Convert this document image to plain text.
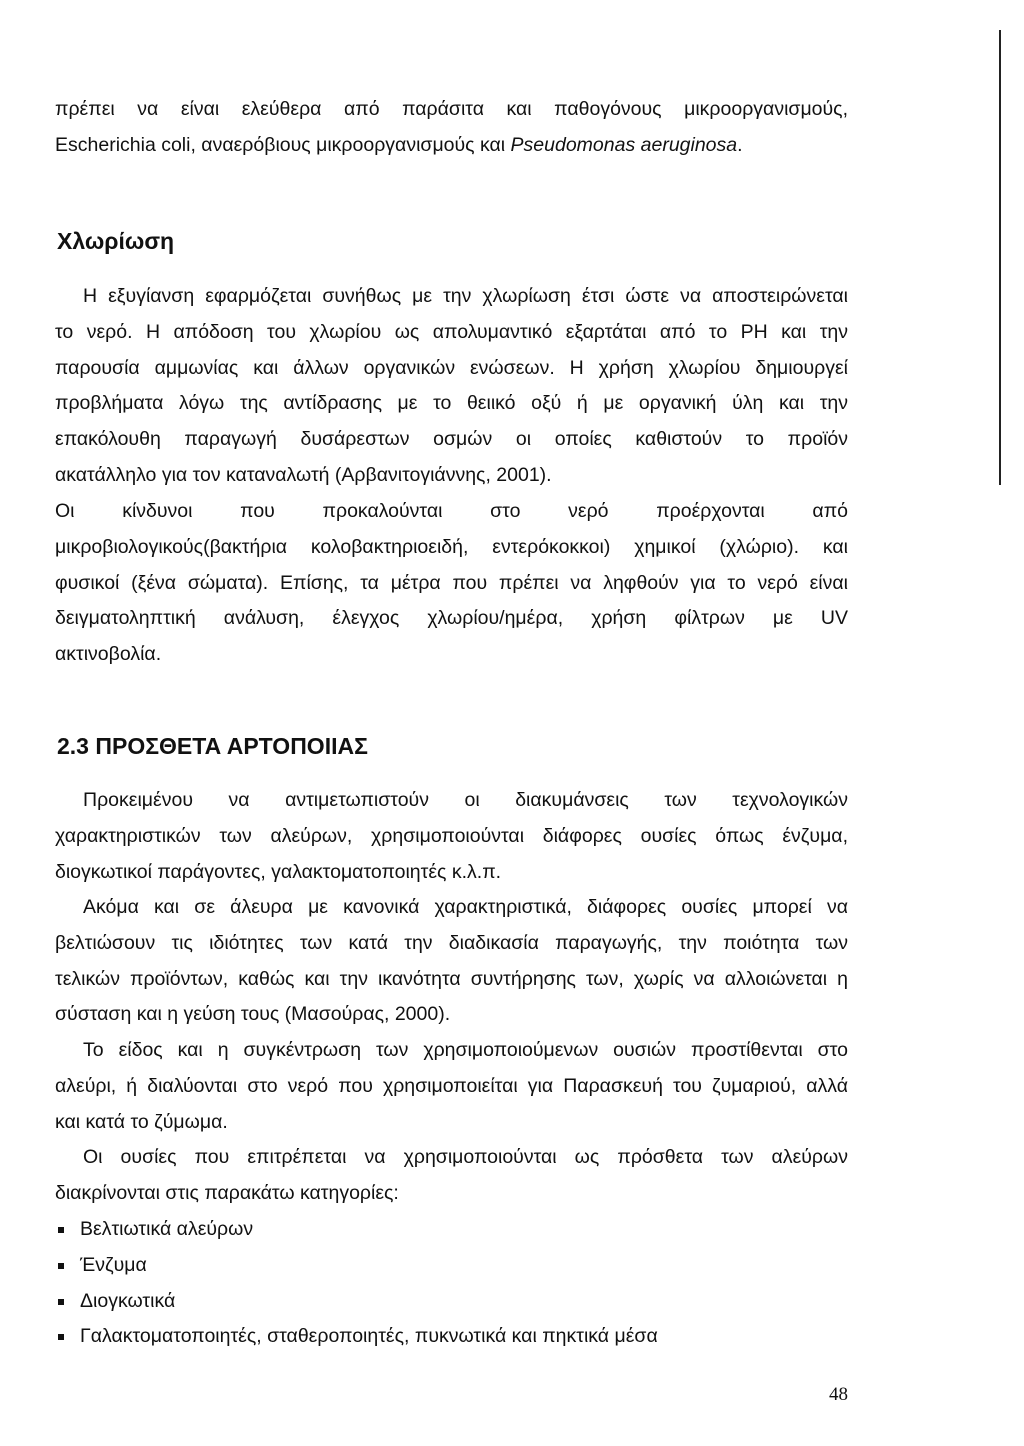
πρέπει να είναι ελεύθερα από παράσιτα και παθογόνους μικροοργανισμούς,
Escherichia coli, αναερόβιους μικροοργανισμούς και Pseudomonas aeruginosa.
Χλωρίωση
Η εξυγίανση εφαρμόζεται συνήθως με την χλωρίωση έτσι ώστε να αποστειρώνεται
το νερό. Η απόδοση του χλωρίου ως απολυμαντικό εξαρτάται από το PH και την
παρουσία αμμωνίας και άλλων οργανικών ενώσεων. Η χρήση χλωρίου δημιουργεί
προβλήματα λόγω της αντίδρασης με το θειικό οξύ ή με οργανική ύλη και την
επακόλουθη παραγωγή δυσάρεστων οσμών οι οποίες καθιστούν το προϊόν
ακατάλληλο για τον καταναλωτή (Αρβανιτογιάννης, 2001).
Οι κίνδυνοι που προκαλούνται στο νερό προέρχονται από
μικροβιολογικούς(βακτήρια κολοβακτηριοειδή, εντερόκοκκοι) χημικοί (χλώριο). και
φυσικοί (ξένα σώματα). Επίσης, τα μέτρα που πρέπει να ληφθούν για το νερό είναι
δειγματοληπτική ανάλυση, έλεγχος χλωρίου/ημέρα, χρήση φίλτρων με UV
ακτινοβολία.
2.3 ΠΡΟΣΘΕΤΑ ΑΡΤΟΠΟΙΙΑΣ
Προκειμένου να αντιμετωπιστούν οι διακυμάνσεις των τεχνολογικών
χαρακτηριστικών των αλεύρων, χρησιμοποιούνται διάφορες ουσίες όπως ένζυμα,
διογκωτικοί παράγοντες, γαλακτοματοποιητές κ.λ.π.
Ακόμα και σε άλευρα με κανονικά χαρακτηριστικά, διάφορες ουσίες μπορεί να
βελτιώσουν τις ιδιότητες των κατά την διαδικασία παραγωγής, την ποιότητα των
τελικών προϊόντων, καθώς και την ικανότητα συντήρησης των, χωρίς να αλλοιώνεται η
σύσταση και η γεύση τους (Μασούρας, 2000).
Το είδος και η συγκέντρωση των χρησιμοποιούμενων ουσιών προστίθενται στο
αλεύρι, ή διαλύονται στο νερό που χρησιμοποιείται για Παρασκευή του ζυμαριού, αλλά
και κατά το ζύμωμα.
Οι ουσίες που επιτρέπεται να χρησιμοποιούνται ως πρόσθετα των αλεύρων
διακρίνονται στις παρακάτω κατηγορίες:
Βελτιωτικά αλεύρων
Ένζυμα
Διογκωτικά
Γαλακτοματοποιητές, σταθεροποιητές, πυκνωτικά και πηκτικά μέσα
48
